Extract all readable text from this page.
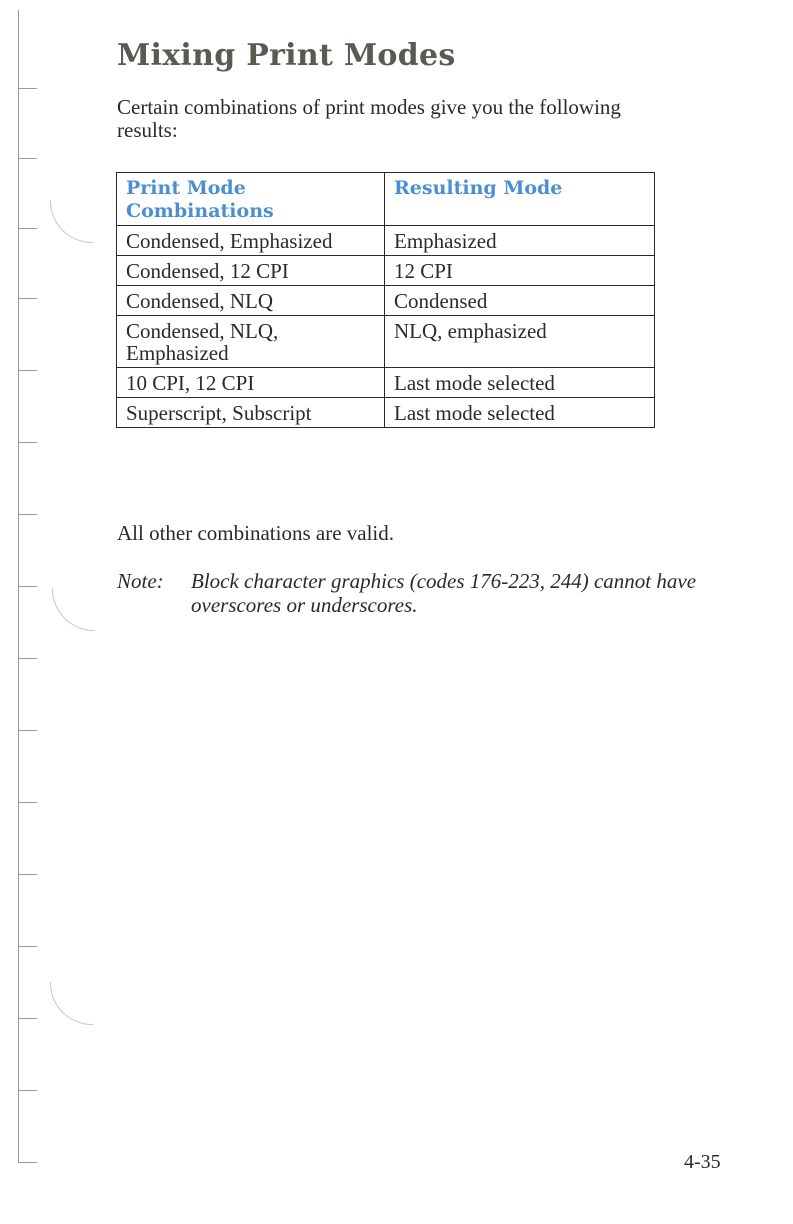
Mixing Print Modes

Certain combinations of print modes give you the following results:

Print Mode Combinations	Resulting Mode
Condensed, Emphasized	Emphasized
Condensed, 12 CPI	12 CPI
Condensed, NLQ	Condensed
Condensed, NLQ, Emphasized	NLQ, emphasized
10 CPI, 12 CPI	Last mode selected
Superscript, Subscript	Last mode selected

All other combinations are valid.

Note: Block character graphics (codes 176-223, 244) cannot have overscores or underscores.
4-35
